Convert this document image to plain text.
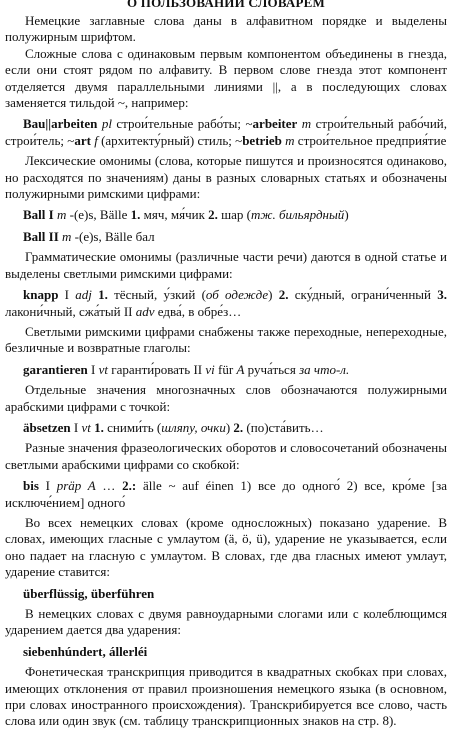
О ПОЛЬЗОВАНИИ СЛОВАРЕМ

Немецкие заглавные слова даны в алфавитном порядке и выделены полужирным шрифтом.

Сложные слова с одинаковым первым компонентом объединены в гнезда, если они стоят рядом по алфавиту. В первом слове гнезда этот компонент отделяется двумя параллельными линиями ||, а в последующих словах заменяется тильдой ~, например:

Bau||arbeiten pl строи́тельные рабо́ты; ~arbeiter m строи́тельный рабо́чий, строи́тель; ~art f (архитекту́рный) стиль; ~betrieb m строи́тельное предприя́тие

Лексические омонимы (слова, которые пишутся и произносятся одинаково, но расходятся по значениям) даны в разных словарных статьях и обозначены полужирными римскими цифрами:

Ball I m -(e)s, Bälle 1. мяч, мя́чик 2. шар (тж. бильярдный)

Ball II m -(e)s, Bälle бал

Грамматические омонимы (различные части речи) даются в одной статье и выделены светлыми римскими цифрами:

knapp I adj 1. тёсный, у́зкий (об одежде) 2. ску́дный, ограни́ченный 3. лакони́чный, сжа́тый II adv едва́, в обре́з…

Светлыми римскими цифрами снабжены также переходные, непереходные, безличные и возвратные глаголы:

garantieren I vt гаранти́ровать II vi für A руча́ться за что-л.

Отдельные значения многозначных слов обозначаются полужирными арабскими цифрами с точкой:

äbsetzen I vt 1. сними́ть (шляпу, очки) 2. (по)ста́вить…

Разные значения фразеологических оборотов и словосочетаний обозначены светлыми арабскими цифрами со скобкой:

bis I präp A … 2.: älle ~ auf éinen 1) все до одного́ 2) все, кро́ме [за исключе́нием] одного́

Во всех немецких словах (кроме односложных) показано ударение. В словах, имеющих гласные с умлаутом (ä, ö, ü), ударение не указывается, если оно падает на гласную с умлаутом. В словах, где два гласных имеют умлаут, ударение ставится:

überflüssig, überführen

В немецких словах с двумя равноударными слогами или с колеблющимся ударением дается два ударения:

siebenhúndert, állerléi

Фонетическая транскрипция приводится в квадратных скобках при словах, имеющих отклонения от правил произношения немецкого языка (в основном, при словах иностранного происхождения). Транскрибируется все слово, часть слова или один звук (см. таблицу транскрипционных знаков на стр. 8).
